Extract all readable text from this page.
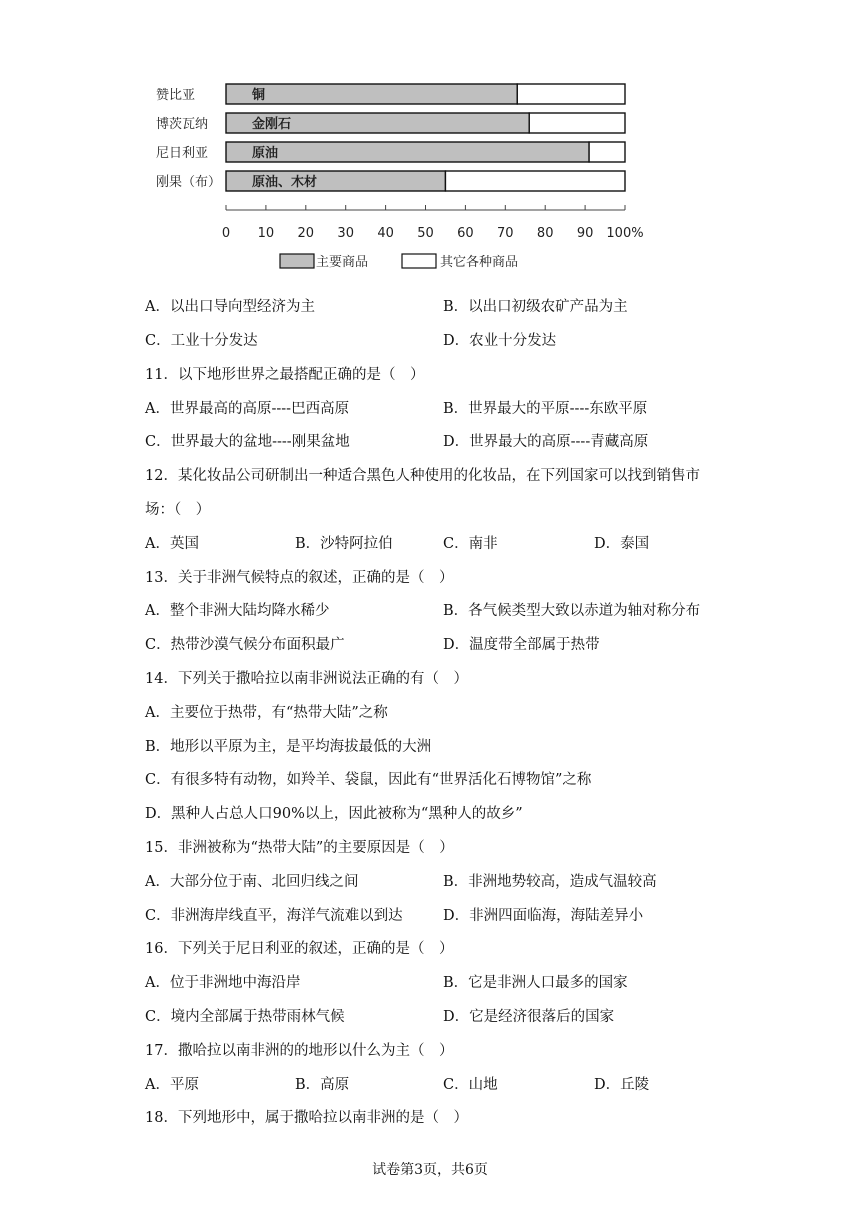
赞比亚	铜
博茨瓦纳	金刚石
尼日利亚	原油
刚果（布） 原油、木材
0 10 20 30 40 50 60 70 80 90 100%
主要商品	其它各种商品
A．以出口导向型经济为主	B．以出口初级农矿产品为主
C．工业十分发达	D．农业十分发达
11．以下地形世界之最搭配正确的是（　）
A．世界最高的高原----巴西高原	B．世界最大的平原----东欧平原
C．世界最大的盆地----刚果盆地	D．世界最大的高原----青藏高原
12．某化妆品公司研制出一种适合黑色人种使用的化妆品，在下列国家可以找到销售市
场：（　）
A．英国	B．沙特阿拉伯	C．南非	D．泰国
13．关于非洲气候特点的叙述，正确的是（　）
A．整个非洲大陆均降水稀少	B．各气候类型大致以赤道为轴对称分布
C．热带沙漠气候分布面积最广	D．温度带全部属于热带
14．下列关于撒哈拉以南非洲说法正确的有（　）
A．主要位于热带，有“热带大陆”之称
B．地形以平原为主，是平均海拔最低的大洲
C．有很多特有动物，如羚羊、袋鼠，因此有“世界活化石博物馆”之称
D．黑种人占总人口90%以上，因此被称为“黑种人的故乡”
15．非洲被称为“热带大陆”的主要原因是（　）
A．大部分位于南、北回归线之间	B．非洲地势较高，造成气温较高
C．非洲海岸线直平，海洋气流难以到达	D．非洲四面临海，海陆差异小
16．下列关于尼日利亚的叙述，正确的是（　）
A．位于非洲地中海沿岸	B．它是非洲人口最多的国家
C．境内全部属于热带雨林气候	D．它是经济很落后的国家
17．撒哈拉以南非洲的的地形以什么为主（　）
A．平原	B．高原	C．山地	D．丘陵
18．下列地形中，属于撒哈拉以南非洲的是（　）
试卷第3页，共6页
